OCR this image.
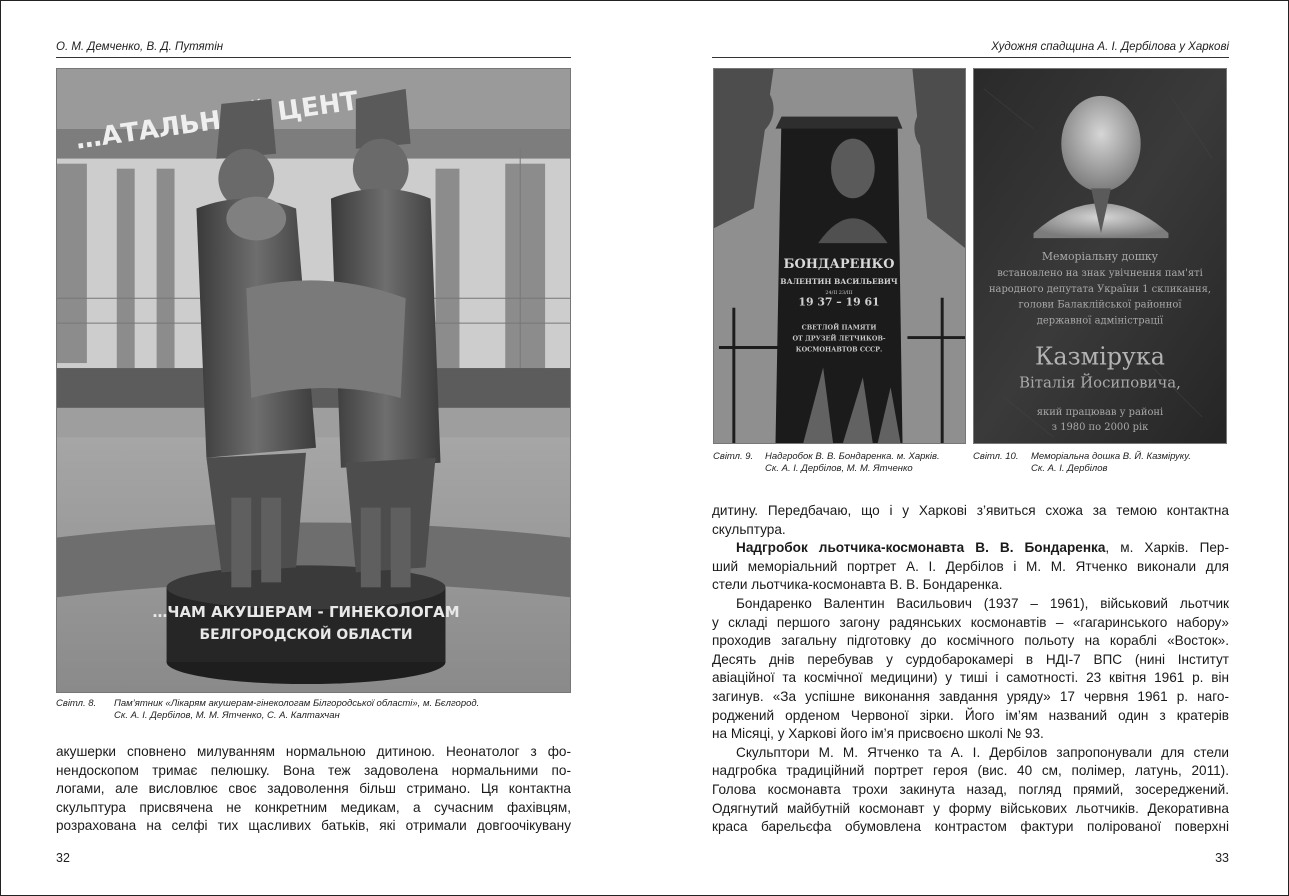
О. М. Демченко, В. Д. Путятін
…АТАЛЬНЫЙ ЦЕНТ…
…ЧАМ АКУШЕРАМ - ГИНЕКОЛОГАМ
БЕЛГОРОДСКОЙ ОБЛАСТИ
Світл. 8. Пам’ятник «Лікарям акушерам-гінекологам Білгородської області», м. Бєлгород.
Ск. А. І. Дербілов, М. М. Ятченко, С. А. Калтахчан
акушерки сповнено милуванням нормальною дитиною. Неонатолог з фо-
нендоскопом тримає пелюшку. Вона теж задоволена нормальними по-
логами, але висловлює своє задоволення більш стримано. Ця контактна
скульптура присвячена не конкретним медикам, а сучасним фахівцям,
розрахована на селфі тих щасливих батьків, які отримали довгоочікувану
32
Художня спадщина А. І. Дербілова у Харкові
БОНДАРЕНКО
ВАЛЕНТИН ВАСИЛЬЕВИЧ
19 37 – 19 61
24/ΙΙ 23/ΙΙΙ
СВЕТЛОЙ ПАМЯТИ
ОТ ДРУЗЕЙ ЛЕТЧИКОВ-
КОСМОНАВТОВ СССР.
Меморіальну дошку
встановлено на знак увічнення пам'яті
народного депутата України 1 скликання,
голови Балаклійської районної
державної адміністрації
Казмірука
Віталія Йосиповича,
який працював у районі
з 1980 по 2000 рік
Світл. 9. Надгробок В. В. Бондаренка. м. Харків.
Ск. А. І. Дербілов, М. М. Ятченко
Світл. 10. Меморіальна дошка В. Й. Казміруку.
Ск. А. І. Дербілов
дитину. Передбачаю, що і у Харкові з’явиться схожа за темою контактна
скульптура.
Надгробок льотчика-космонавта В. В. Бондаренка, м. Харків. Пер-
ший меморіальний портрет А. І. Дербілов і М. М. Ятченко виконали для
стели льотчика-космонавта В. В. Бондаренка.
Бондаренко Валентин Васильович (1937 – 1961), військовий льотчик
у складі першого загону радянських космонавтів – «гагаринського набору»
проходив загальну підготовку до космічного польоту на кораблі «Восток».
Десять днів перебував у сурдобарокамері в НДІ-7 ВПС (нині Інститут
авіаційної та космічної медицини) у тиші і самотності. 23 квітня 1961 р. він
загинув. «За успішне виконання завдання уряду» 17 червня 1961 р. наго-
роджений орденом Червоної зірки. Його ім’ям названий один з кратерів
на Місяці, у Харкові його ім’я присвоєно школі № 93.
Скульптори М. М. Ятченко та А. І. Дербілов запропонували для стели
надгробка традиційний портрет героя (вис. 40 см, полімер, латунь, 2011).
Голова космонавта трохи закинута назад, погляд прямий, зосереджений.
Одягнутий майбутній космонавт у форму військових льотчиків. Декоративна
краса барельєфа обумовлена контрастом фактури полірованої поверхні
33
